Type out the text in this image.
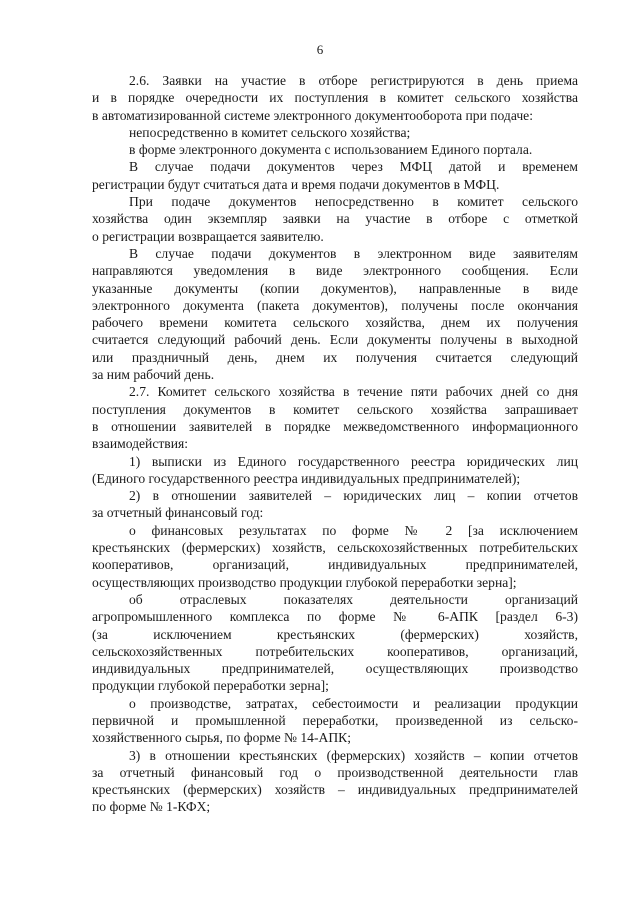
6
2.6. Заявки на участие в отборе регистрируются в день приема
и в порядке очередности их поступления в комитет сельского хозяйства
в автоматизированной системе электронного документооборота при подаче:
непосредственно в комитет сельского хозяйства;
в форме электронного документа с использованием Единого портала.
В случае подачи документов через МФЦ датой и временем
регистрации будут считаться дата и время подачи документов в МФЦ.
При подаче документов непосредственно в комитет сельского
хозяйства один экземпляр заявки на участие в отборе с отметкой
о регистрации возвращается заявителю.
В случае подачи документов в электронном виде заявителям
направляются уведомления в виде электронного сообщения. Если
указанные документы (копии документов), направленные в виде
электронного документа (пакета документов), получены после окончания
рабочего времени комитета сельского хозяйства, днем их получения
считается следующий рабочий день. Если документы получены в выходной
или праздничный день, днем их получения считается следующий
за ним рабочий день.
2.7. Комитет сельского хозяйства в течение пяти рабочих дней со дня
поступления документов в комитет сельского хозяйства запрашивает
в отношении заявителей в порядке межведомственного информационного
взаимодействия:
1) выписки из Единого государственного реестра юридических лиц
(Единого государственного реестра индивидуальных предпринимателей);
2) в отношении заявителей – юридических лиц – копии отчетов
за отчетный финансовый год:
о финансовых результатах по форме № 2 [за исключением
крестьянских (фермерских) хозяйств, сельскохозяйственных потребительских
кооперативов, организаций, индивидуальных предпринимателей,
осуществляющих производство продукции глубокой переработки зерна];
об отраслевых показателях деятельности организаций
агропромышленного комплекса по форме № 6-АПК [раздел 6-3)
(за исключением крестьянских (фермерских) хозяйств,
сельскохозяйственных потребительских кооперативов, организаций,
индивидуальных предпринимателей, осуществляющих производство
продукции глубокой переработки зерна];
о производстве, затратах, себестоимости и реализации продукции
первичной и промышленной переработки, произведенной из сельско-
хозяйственного сырья, по форме № 14-АПК;
3) в отношении крестьянских (фермерских) хозяйств – копии отчетов
за отчетный финансовый год о производственной деятельности глав
крестьянских (фермерских) хозяйств – индивидуальных предпринимателей
по форме № 1-КФХ;
